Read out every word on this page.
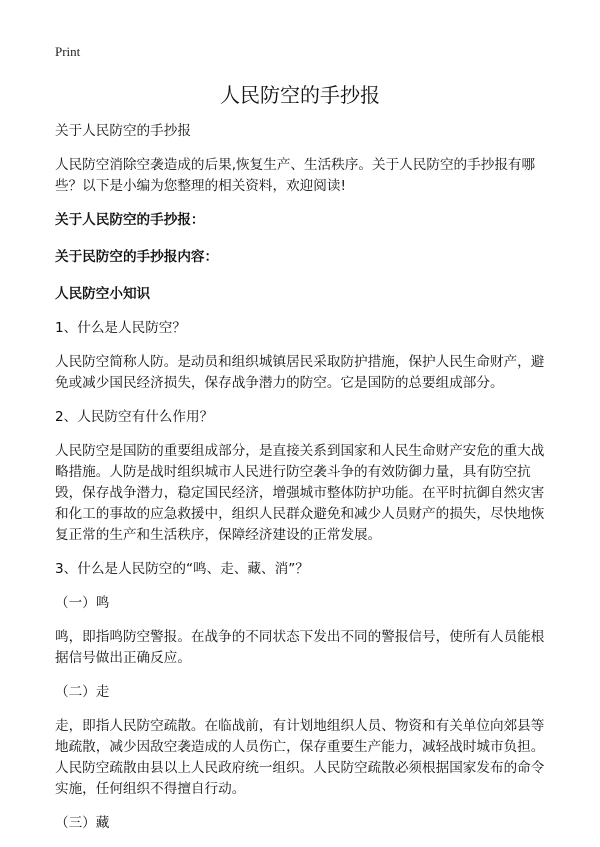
Print
人民防空的手抄报

关于人民防空的手抄报

人民防空消除空袭造成的后果,恢复生产、生活秩序。关于人民防空的手抄报有哪些？以下是小编为您整理的相关资料，欢迎阅读!

关于人民防空的手抄报：

关于民防空的手抄报内容：

人民防空小知识

1、什么是人民防空？

人民防空简称人防。是动员和组织城镇居民采取防护措施，保护人民生命财产，避免或减少国民经济损失，保存战争潜力的防空。它是国防的总要组成部分。

2、人民防空有什么作用？

人民防空是国防的重要组成部分，是直接关系到国家和人民生命财产安危的重大战略措施。人防是战时组织城市人民进行防空袭斗争的有效防御力量，具有防空抗毁，保存战争潜力，稳定国民经济，增强城市整体防护功能。在平时抗御自然灾害和化工的事故的应急救援中，组织人民群众避免和减少人员财产的损失，尽快地恢复正常的生产和生活秩序，保障经济建设的正常发展。

3、什么是人民防空的“鸣、走、藏、消”？

（一）鸣

鸣，即指鸣防空警报。在战争的不同状态下发出不同的警报信号，使所有人员能根据信号做出正确反应。

（二）走

走，即指人民防空疏散。在临战前，有计划地组织人员、物资和有关单位向郊县等地疏散，减少因敌空袭造成的人员伤亡，保存重要生产能力，减轻战时城市负担。人民防空疏散由县以上人民政府统一组织。人民防空疏散必须根据国家发布的命令实施，任何组织不得擅自行动。

（三）藏
